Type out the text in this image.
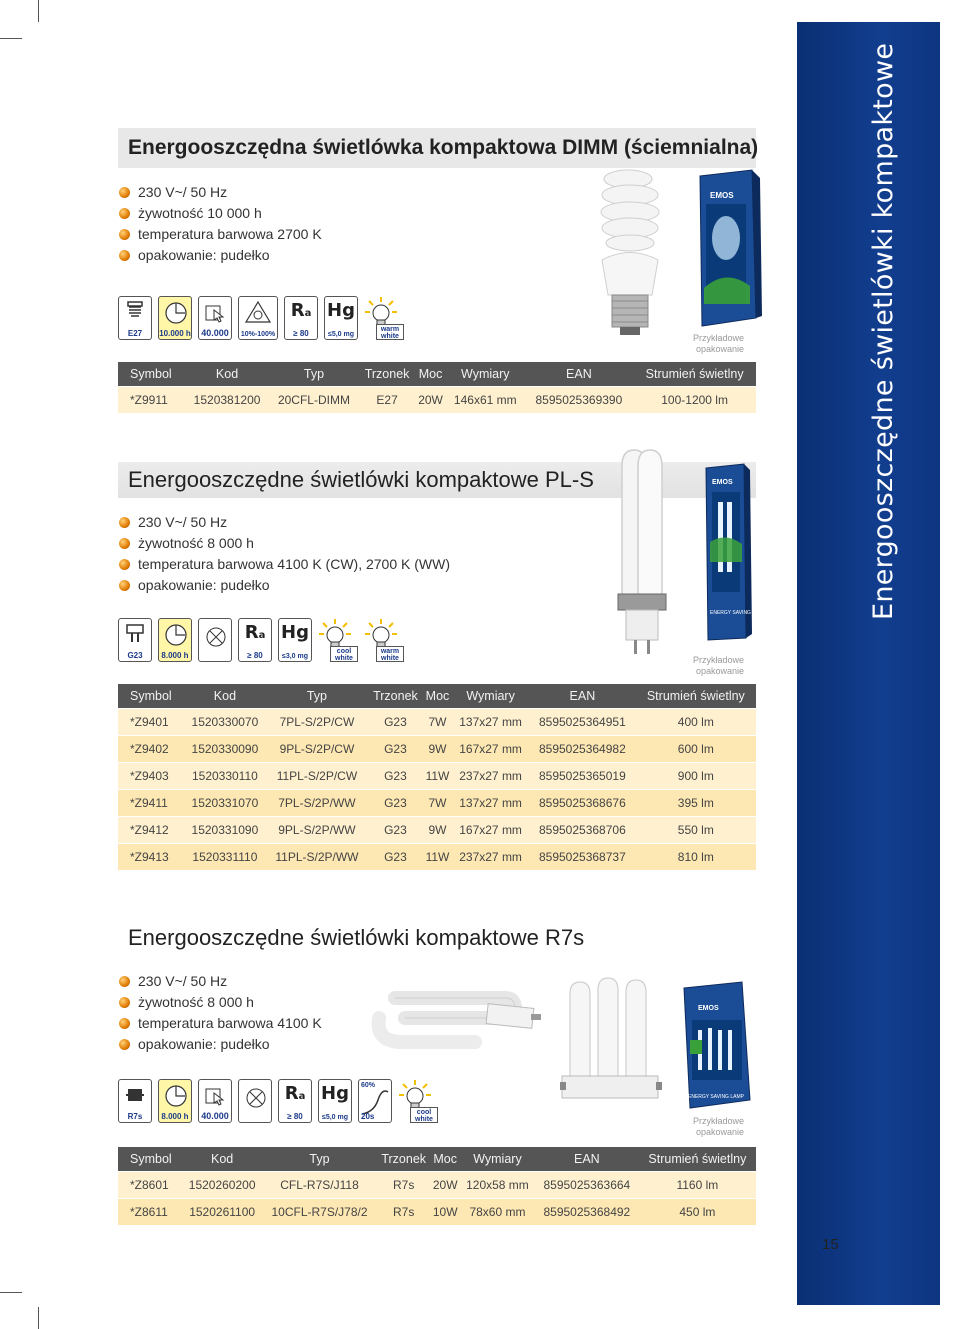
Energooszczędna świetlówka kompaktowa DIMM (ściemnialna)
230 V~/ 50 Hz
żywotność 10 000 h
temperatura barwowa 2700 K
opakowanie: pudełko
E27	10.000 h 40.000	10%-100%
Ra
≥ 80
Hg
≤5,0 mg
warm white
Symbol	Kod	Typ	Trzonek	Moc	Wymiary	EAN	Strumień świetlny
*Z9911	1520381200	20CFL-DIMM	E27	20W	146x61 mm	8595025369390	100-1200 lm
EMOS
Przykładowe opakowanie
Energooszczędne świetlówki kompaktowe PL-S
230 V~/ 50 Hz
żywotność 8 000 h
temperatura barwowa 4100 K (CW), 2700 K (WW)
opakowanie: pudełko
G23	8.000 h
Ra
≥ 80
Hg
≤3,0 mg
cool white
warm white
Symbol	Kod	Typ	Trzonek	Moc	Wymiary	EAN	Strumień świetlny
*Z9401	1520330070	7PL-S/2P/CW	G23	7W	137x27 mm	8595025364951	400 lm
*Z9402	1520330090	9PL-S/2P/CW	G23	9W	167x27 mm	8595025364982	600 lm
*Z9403	1520330110	11PL-S/2P/CW	G23	11W	237x27 mm	8595025365019	900 lm
*Z9411	1520331070	7PL-S/2P/WW	G23	7W	137x27 mm	8595025368676	395 lm
*Z9412	1520331090	9PL-S/2P/WW	G23	9W	167x27 mm	8595025368706	550 lm
*Z9413	1520331110	11PL-S/2P/WW	G23	11W	237x27 mm	8595025368737	810 lm
EMOS
ENERGY SAVING LAMP
Przykładowe opakowanie
Energooszczędne świetlówki kompaktowe R7s
230 V~/ 50 Hz
żywotność 8 000 h
temperatura barwowa 4100 K
opakowanie: pudełko
R7s	8.000 h 40.000
Ra
≥ 80
Hg
≤5,0 mg
60%
20s	cool white
Symbol	Kod	Typ	Trzonek	Moc	Wymiary	EAN	Strumień świetlny
*Z8601	1520260200	CFL-R7S/J118	R7s	20W	120x58 mm	8595025363664	1160 lm
*Z8611	1520261100	10CFL-R7S/J78/2	R7s	10W	78x60 mm	8595025368492	450 lm
EMOS
ENERGY SAVING LAMP
Przykładowe opakowanie
Energooszczędne świetlówki kompaktowe
15
